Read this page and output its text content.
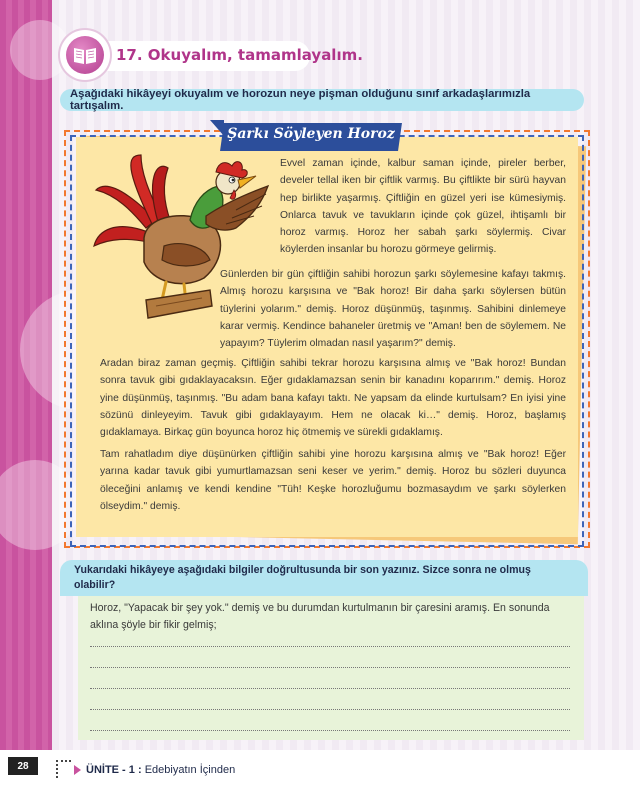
17. Okuyalım, tamamlayalım.
Aşağıdaki hikâyeyi okuyalım ve horozun neye pişman olduğunu sınıf arkadaşlarımızla tartışalım.
Şarkı Söyleyen Horoz

Evvel zaman içinde, kalbur saman içinde, pireler berber, develer tellal iken bir çiftlik varmış. Bu çiftlikte bir sürü hayvan hep birlikte yaşarmış. Çiftliğin en güzel yeri ise kümesiymiş. Onlarca tavuk ve tavukların içinde çok güzel, ihtişamlı bir horoz varmış. Horoz her sabah şarkı söylermiş. Civar köylerden insanlar bu horozu görmeye gelirmiş.

Günlerden bir gün çiftliğin sahibi horozun şarkı söylemesine kafayı takmış. Almış horozu karşısına ve "Bak horoz! Bir daha şarkı söylersen bütün tüylerini yolarım." demiş. Horoz düşünmüş, taşınmış. Sahibini dinlemeye karar vermiş. Kendince bahaneler üretmiş ve "Aman! ben de söylemem. Ne yapayım? Tüylerim olmadan nasıl yaşarım?" demiş.

Aradan biraz zaman geçmiş. Çiftliğin sahibi tekrar horozu karşısına almış ve "Bak horoz! Bundan sonra tavuk gibi gıdaklayacaksın. Eğer gıdaklamazsan senin bir kanadını koparırım." demiş. Horoz yine düşünmüş, taşınmış. "Bu adam bana kafayı taktı. Ne yapsam da elinde kurtulsam? En iyisi yine sözünü dinleyeyim. Tavuk gibi gıdaklayayım. Hem ne olacak ki…" demiş. Horoz, başlamış gıdaklamaya. Birkaç gün boyunca horoz hiç ötmemiş ve sürekli gıdaklamış.

Tam rahatladım diye düşünürken çiftliğin sahibi yine horozu karşısına almış ve "Bak horoz! Eğer yarına kadar tavuk gibi yumurtlamazsan seni keser ve yerim." demiş. Horoz bu sözleri duyunca öleceğini anlamış ve kendi kendine "Tüh! Keşke horozluğumu bozmasaydım ve şarkı söylerken ölseydim." demiş.

Yukarıdaki hikâyeye aşağıdaki bilgiler doğrultusunda bir son yazınız. Sizce sonra ne olmuş olabilir?
Horoz, "Yapacak bir şey yok." demiş ve bu durumdan kurtulmanın bir çaresini aramış. En sonunda aklına şöyle bir fikir gelmiş;
28	ÜNİTE - 1 : Edebiyatın İçinden
